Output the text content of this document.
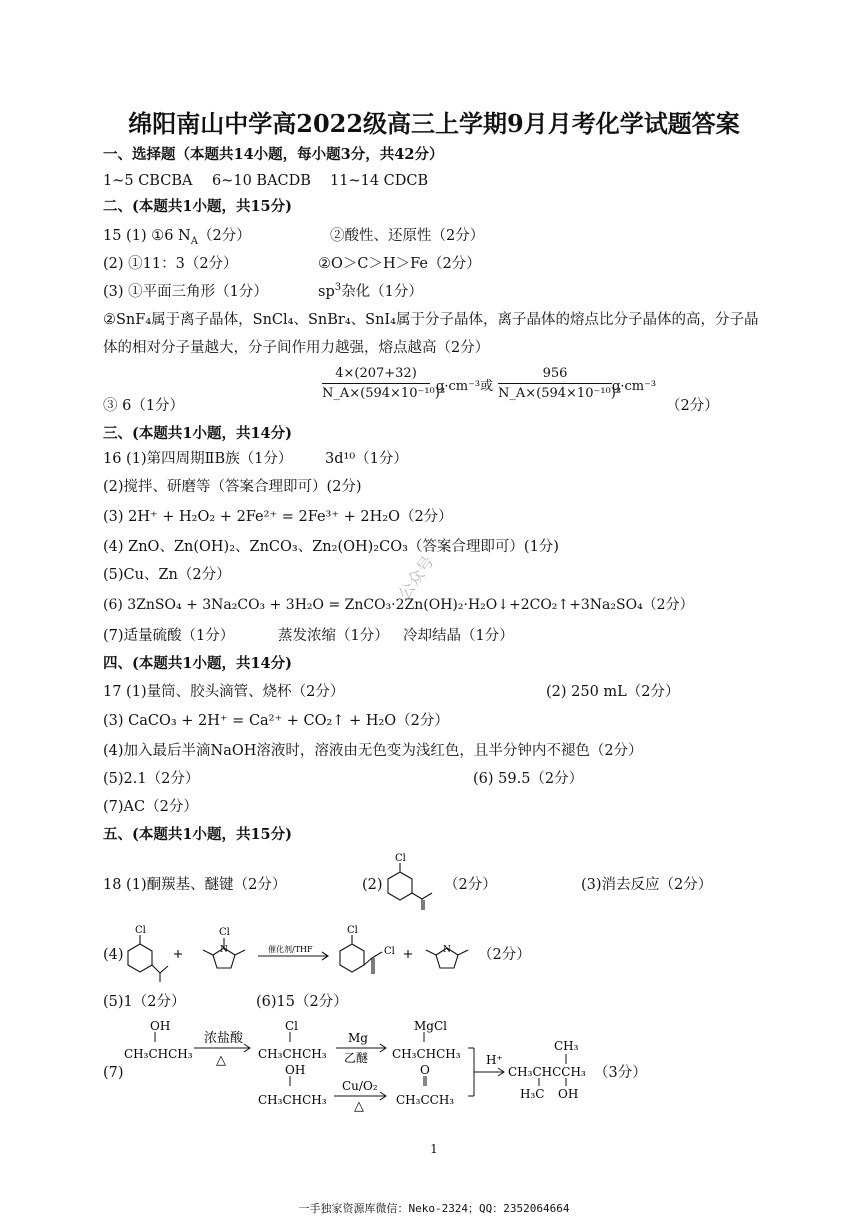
绵阳南山中学高2022级高三上学期9月月考化学试题答案
一、选择题（本题共14小题，每小题3分，共42分）
1~5 CBCBA 6~10 BACDB 11~14 CDCB
二、(本题共1小题，共15分)
15 (1) ①6 $N_A(2$分）	②酸性、还原性（2分）
(2) ①11：3（2分）	②O＞C＞H＞Fe（2分）
(3) ①平面三角形（1分）	$sp^3$杂化（1分）
②SnF₄属于离子晶体，SnCl₄、SnBr₄、SnI₄属于分子晶体，离子晶体的熔点比分子晶体的高，分子晶
体的相对分子量越大，分子间作用力越强，熔点越高（2分）
$\frac{4\times(207+32)}{\text{N\_A×(594×10⁻¹⁰)³}} g\cdot cm^{-3}$或 $\frac{956}{\text{N\_A×(594×10⁻¹⁰)³}} g\cdot cm^{-3}$
③ 6（1分）	（2分）
三、(本题共1小题，共14分)
16 (1)第四周期ⅡB族（1分） 3d¹⁰（1分）
(2)搅拌、研磨等（答案合理即可）(2分)
(3) 2H⁺ + H₂O₂ + 2Fe²⁺ = 2Fe³⁺ + 2H₂O（2分）
(4) ZnO、Zn(OH)₂、ZnCO₃、Zn₂(OH)₂CO₃（答案合理即可）(1分)
(5)Cu、Zn（2分）
(6) 3ZnSO₄ + 3Na₂CO₃ + 3H₂O = ZnCO₃·2Zn(OH)₂·H₂O↓+2CO₂↑+3Na₂SO₄（2分）
(7)适量硫酸（1分）	蒸发浓缩（1分） 冷却结晶（1分）
公众号
四、(本题共1小题，共14分)
17 (1)量筒、胶头滴管、烧杯（2分）	(2) 250 mL（2分）
(3) CaCO₃ + 2H⁺ = Ca²⁺ + CO₂↑ + H₂O（2分）
(4)加入最后半滴NaOH溶液时，溶液由无色变为浅红色，且半分钟内不褪色（2分）
(5)2.1（2分）	(6) 59.5（2分）
(7)AC（2分）
五、(本题共1小题，共15分)
18 (1)酮羰基、醚键（2分）	(2)
Cl
（2分）	(3)消去反应（2分）
(4)
Cl	Cl
N	催化剂/THF
Cl
Cl	N （2分）
(5)1（2分）	(6)15（2分）
(7)
OH
CH₃CHCH₃
浓盐酸
△
Cl
CH₃CHCH₃
Mg
乙醚
MgCl
CH₃CHCH₃
OH
CH₃CHCH₃
Cu/O₂
△
O
CH₃CCH₃
H⁺
CH₃
CH₃CHCCH₃
H₃C OH
（3分）
1
一手独家资源库微信：Neko-2324；QQ：2352064664
